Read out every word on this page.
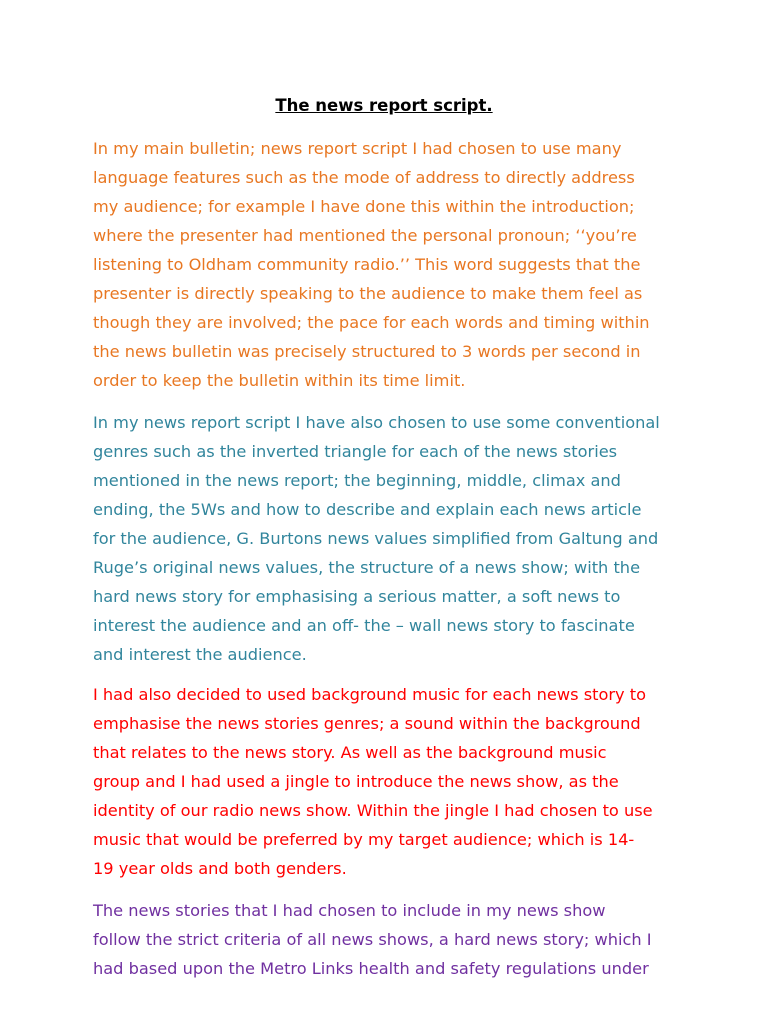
The news report script.

In my main bulletin; news report script I had chosen to use many
language features such as the mode of address to directly address
my audience; for example I have done this within the introduction;
where the presenter had mentioned the personal pronoun; ‘‘you’re
listening to Oldham community radio.’’ This word suggests that the
presenter is directly speaking to the audience to make them feel as
though they are involved; the pace for each words and timing within
the news bulletin was precisely structured to 3 words per second in
order to keep the bulletin within its time limit.

In my news report script I have also chosen to use some conventional
genres such as the inverted triangle for each of the news stories
mentioned in the news report; the beginning, middle, climax and
ending, the 5Ws and how to describe and explain each news article
for the audience, G. Burtons news values simplified from Galtung and
Ruge’s original news values, the structure of a news show; with the
hard news story for emphasising a serious matter, a soft news to
interest the audience and an off- the – wall news story to fascinate
and interest the audience.

I had also decided to used background music for each news story to
emphasise the news stories genres; a sound within the background
that relates to the news story. As well as the background music
group and I had used a jingle to introduce the news show, as the
identity of our radio news show. Within the jingle I had chosen to use
music that would be preferred by my target audience; which is 14-
19 year olds and both genders.

The news stories that I had chosen to include in my news show
follow the strict criteria of all news shows, a hard news story; which I
had based upon the Metro Links health and safety regulations under
